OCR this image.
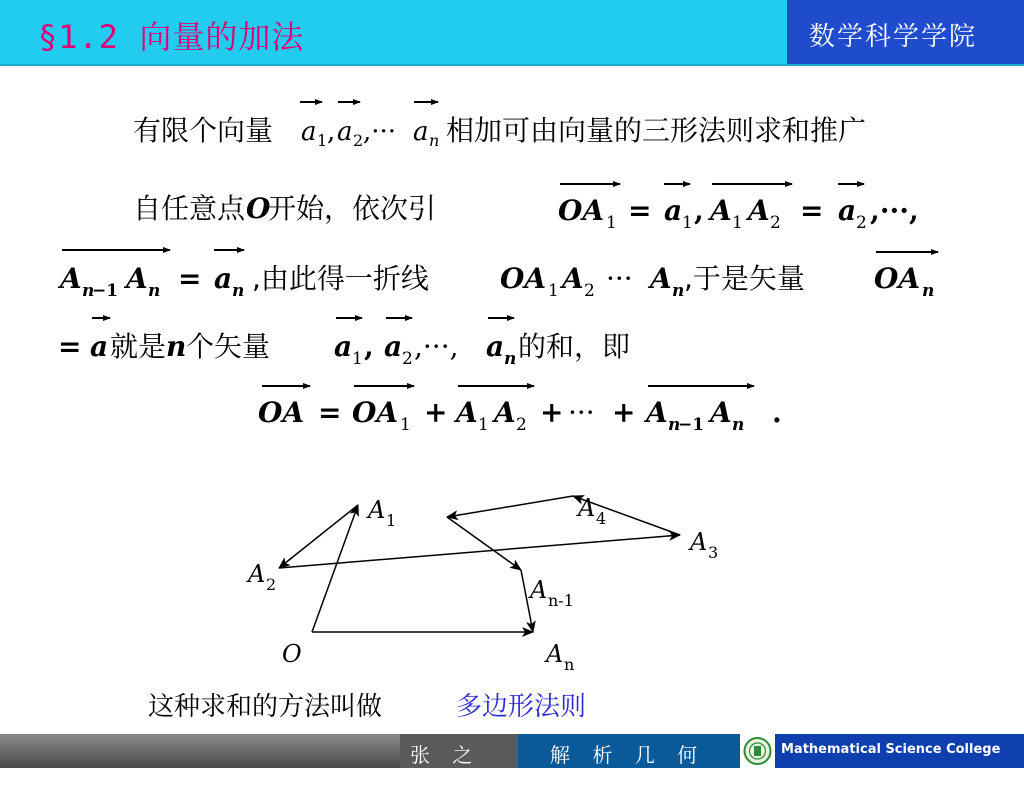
§1.2 向量的加法	数学科学学院
有限个向量 a 1 , a 2 ,··· a n 相加可由向量的三形法则求和推广
自任意点 O
开始，依次引	OA 1 = a 1 , A 1 A 2 = a 2 ,···,
A n
−1 A n = a n ,由此得一折线	OA 1 A 2 ··· A n ,于是矢量 OA n
= a 就是 n 个矢量 a 1 , a 2 ,···, a n 的和，即
OA = OA 1 + A 1 A 2 + ··· + A n
−1 A n .
O
A 1
A 2
A 3
A 4
A n-1
A n
这种求和的方法叫做	多边形法则
张 之 正
解 析 几 何	Mathematical Science College
